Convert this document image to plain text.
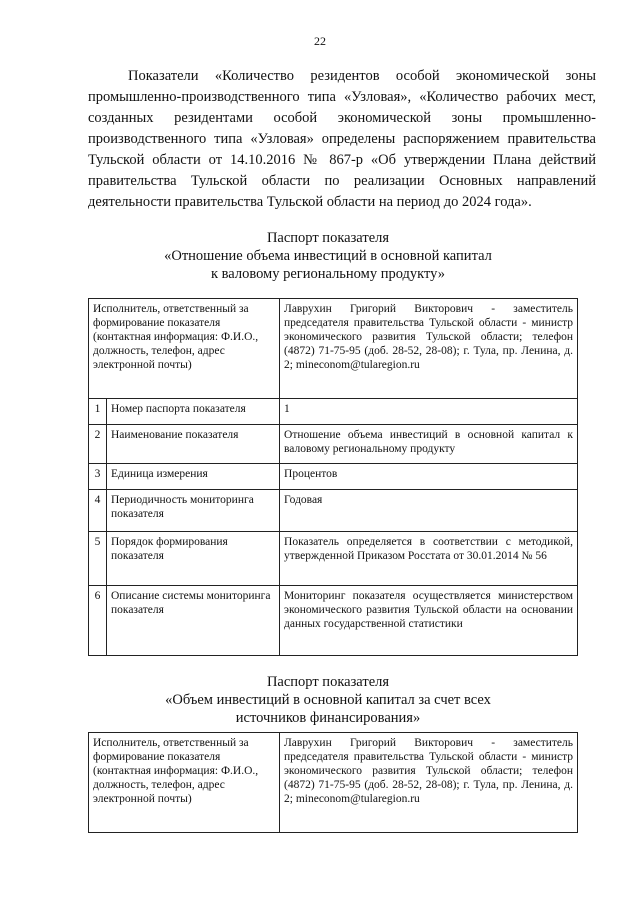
22

Показатели «Количество резидентов особой экономической зоны промышленно-производственного типа «Узловая», «Количество рабочих мест, созданных резидентами особой экономической зоны промышленно-производственного типа «Узловая» определены распоряжением правительства Тульской области от 14.10.2016 № 867-р «Об утверждении Плана действий правительства Тульской области по реализации Основных направлений деятельности правительства Тульской области на период до 2024 года».

Паспорт показателя
«Отношение объема инвестиций в основной капитал
к валовому региональному продукту»
Исполнитель, ответственный за формирование показателя (контактная информация: Ф.И.О., должность, телефон, адрес электронной почты)		Лаврухин Григорий Викторович - заместитель председателя правительства Тульской области - министр экономического развития Тульской области; телефон (4872) 71-75-95 (доб. 28-52, 28-08); г. Тула, пр. Ленина, д. 2; mineconom@tularegion.ru
1	Номер паспорта показателя	1
2	Наименование показателя	Отношение объема инвестиций в основной капитал к валовому региональному продукту
3	Единица измерения	Процентов
4	Периодичность мониторинга показателя	Годовая
5	Порядок формирования показателя	Показатель определяется в соответствии с методикой, утвержденной Приказом Росстата от 30.01.2014 № 56
6	Описание системы мониторинга показателя	Мониторинг показателя осуществляется министерством экономического развития Тульской области на основании данных государственной статистики
Паспорт показателя
«Объем инвестиций в основной капитал за счет всех
источников финансирования»
Исполнитель, ответственный за формирование показателя (контактная информация: Ф.И.О., должность, телефон, адрес электронной почты)	Лаврухин Григорий Викторович - заместитель председателя правительства Тульской области - министр экономического развития Тульской области; телефон (4872) 71-75-95 (доб. 28-52, 28-08); г. Тула, пр. Ленина, д. 2; mineconom@tularegion.ru
